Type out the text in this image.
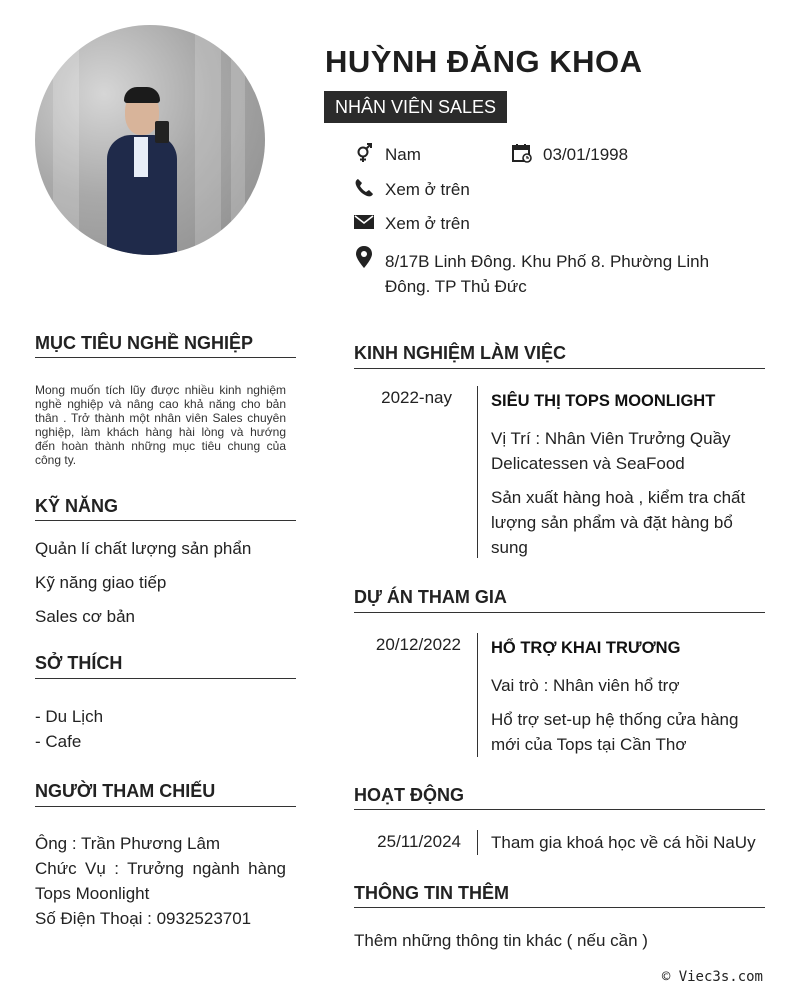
HUỲNH ĐĂNG KHOA
NHÂN VIÊN SALES
Nam	03/01/1998
Xem ở trên
Xem ở trên
8/17B Linh Đông. Khu Phố 8. Phường Linh Đông. TP Thủ Đức
MỤC TIÊU NGHỀ NGHIỆP
Mong muốn tích lũy được nhiều kinh nghiệm nghề nghiệp và nâng cao khả năng cho bản thân . Trở thành một nhân viên Sales chuyên nghiệp, làm khách hàng hài lòng và hướng đến hoàn thành những mục tiêu chung của công ty.
KỸ NĂNG
Quản lí chất lượng sản phẩn
Kỹ năng giao tiếp
Sales cơ bản
SỞ THÍCH
- Du Lịch
- Cafe
NGƯỜI THAM CHIẾU
Ông : Trần Phương Lâm
Chức Vụ : Trưởng ngành hàng
Tops Moonlight
Số Điện Thoại : 0932523701
KINH NGHIỆM LÀM VIỆC
2022-nay SIÊU THỊ TOPS MOONLIGHT
Vị Trí : Nhân Viên Trưởng Quầy Delicatessen và SeaFood
Sản xuất hàng hoà , kiểm tra chất lượng sản phẩm và đặt hàng bổ sung
DỰ ÁN THAM GIA
20/12/2022 HỔ TRỢ KHAI TRƯƠNG
Vai trò : Nhân viên hổ trợ
Hổ trợ set-up hệ thống cửa hàng mới của Tops tại Cần Thơ
HOẠT ĐỘNG
25/11/2024 Tham gia khoá học về cá hồi NaUy
THÔNG TIN THÊM
Thêm những thông tin khác ( nếu cần )
© Viec3s.com
